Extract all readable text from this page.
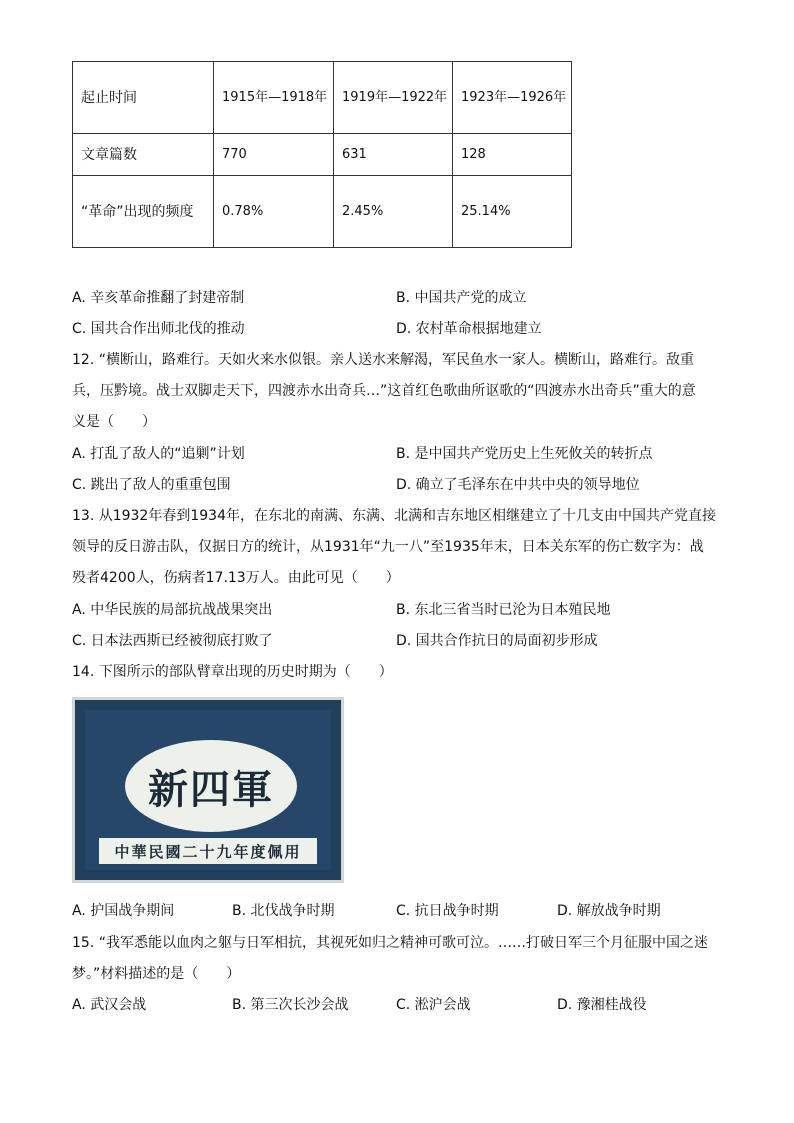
起止时间	1915年—1918年	1919年—1922年	1923年—1926年
文章篇数	770	631	128
“革命”出现的频度	0.78%	2.45%	25.14%
A. 辛亥革命推翻了封建帝制	B. 中国共产党的成立
C. 国共合作出师北伐的推动	D. 农村革命根据地建立
12. “横断山，路难行。天如火来水似银。亲人送水来解渴，军民鱼水一家人。横断山，路难行。敌重
兵，压黔境。战士双脚走天下，四渡赤水出奇兵…”这首红色歌曲所讴歌的“四渡赤水出奇兵”重大的意
义是（　　）
A. 打乱了敌人的“追剿”计划	B. 是中国共产党历史上生死攸关的转折点
C. 跳出了敌人的重重包围	D. 确立了毛泽东在中共中央的领导地位
13. 从1932年春到1934年，在东北的南满、东满、北满和吉东地区相继建立了十几支由中国共产党直接
领导的反日游击队，仅据日方的统计，从1931年“九一八”至1935年末，日本关东军的伤亡数字为：战
殁者4200人，伤病者17.13万人。由此可见（　　）
A. 中华民族的局部抗战战果突出	B. 东北三省当时已沦为日本殖民地
C. 日本法西斯已经被彻底打败了	D. 国共合作抗日的局面初步形成
14. 下图所示的部队臂章出现的历史时期为（　　）
新四軍
中華民國二十九年度佩用
A. 护国战争期间	B. 北伐战争时期	C. 抗日战争时期	D. 解放战争时期
15. “我军悉能以血肉之躯与日军相抗，其视死如归之精神可歌可泣。……打破日军三个月征服中国之迷
梦。”材料描述的是（　　）
A. 武汉会战	B. 第三次长沙会战	C. 淞沪会战	D. 豫湘桂战役
